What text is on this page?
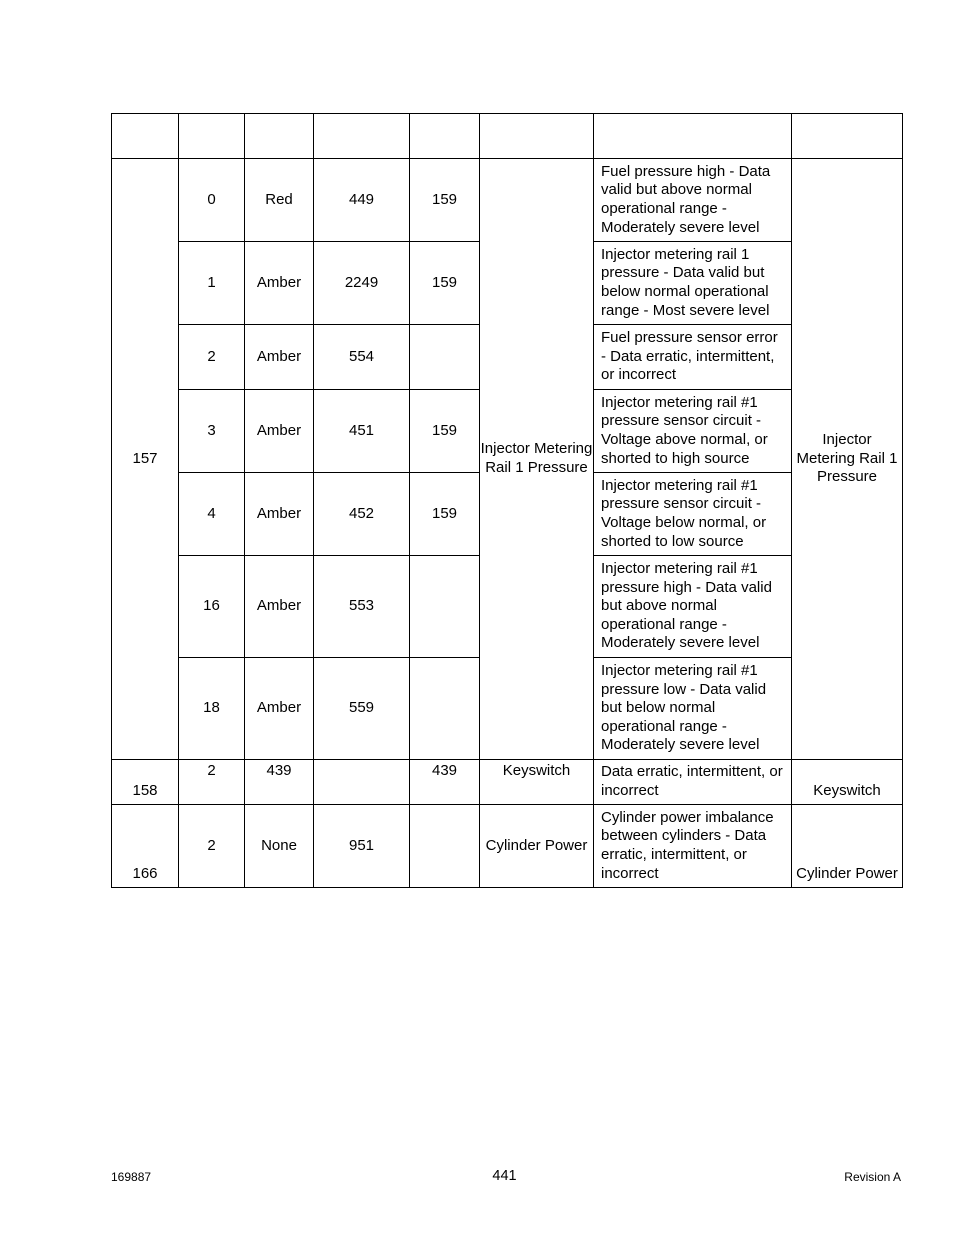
157	0	Red	449	159	Injector Metering Rail 1 Pressure	Fuel pressure high - Data valid but above normal operational range - Moderately severe level	Injector Metering Rail 1 Pressure
	1	Amber	2249	159		Injector metering rail 1 pressure - Data valid but below normal operational range - Most severe level	
	2	Amber	554			Fuel pressure sensor error - Data erratic, intermittent, or incorrect	
	3	Amber	451	159		Injector metering rail #1 pressure sensor circuit - Voltage above normal, or shorted to high source	
	4	Amber	452	159		Injector metering rail #1 pressure sensor circuit - Voltage below normal, or shorted to low source	
	16	Amber	553			Injector metering rail #1 pressure high - Data valid but above normal operational range - Moderately severe level	
	18	Amber	559			Injector metering rail #1 pressure low - Data valid but below normal operational range - Moderately severe level	
158	2	439		439	Keyswitch	Data erratic, intermittent, or incorrect	Keyswitch
166	2	None	951		Cylinder Power	Cylinder power imbalance between cylinders - Data erratic, intermittent, or incorrect	Cylinder Power
169887	441	Revision A
